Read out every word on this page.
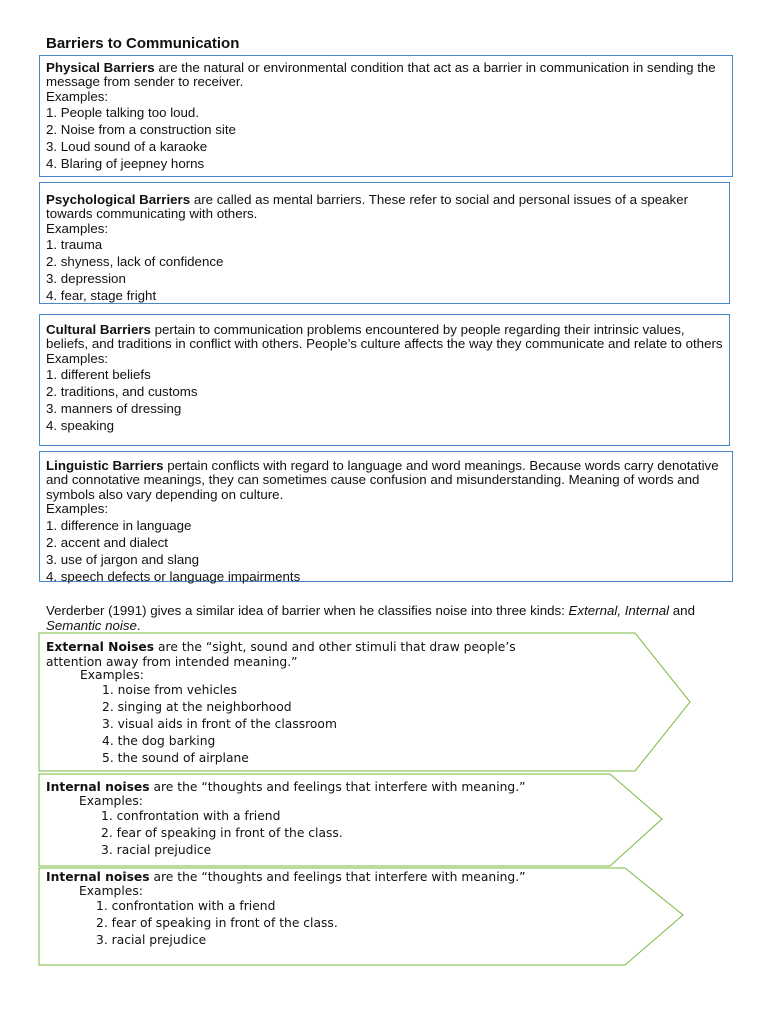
Barriers to Communication
Physical Barriers are the natural or environmental condition that act as a barrier in communication in sending the message from sender to receiver.
Examples:
1. People talking too loud.
2. Noise from a construction site
3. Loud sound of a karaoke
4. Blaring of jeepney horns
Psychological Barriers are called as mental barriers. These refer to social and personal issues of a speaker towards communicating with others.
Examples:
1. trauma
2. shyness, lack of confidence
3. depression
4. fear, stage fright
Cultural Barriers pertain to communication problems encountered by people regarding their intrinsic values, beliefs, and traditions in conflict with others. People’s culture affects the way they communicate and relate to others
Examples:
1. different beliefs
2. traditions, and customs
3. manners of dressing
4. speaking
Linguistic Barriers pertain conflicts with regard to language and word meanings. Because words carry denotative and connotative meanings, they can sometimes cause confusion and misunderstanding. Meaning of words and symbols also vary depending on culture.
Examples:
1. difference in language
2. accent and dialect
3. use of jargon and slang
4. speech defects or language impairments
Verderber (1991) gives a similar idea of barrier when he classifies noise into three kinds: External, Internal and Semantic noise.
External Noises are the “sight, sound and other stimuli that draw people’s attention away from intended meaning.”
Examples:
1. noise from vehicles
2. singing at the neighborhood
3. visual aids in front of the classroom
4. the dog barking
5. the sound of airplane
Internal noises are the “thoughts and feelings that interfere with meaning.”
Examples:
1. confrontation with a friend
2. fear of speaking in front of the class.
3. racial prejudice
Internal noises are the “thoughts and feelings that interfere with meaning.”
Examples:
1. confrontation with a friend
2. fear of speaking in front of the class.
3. racial prejudice
